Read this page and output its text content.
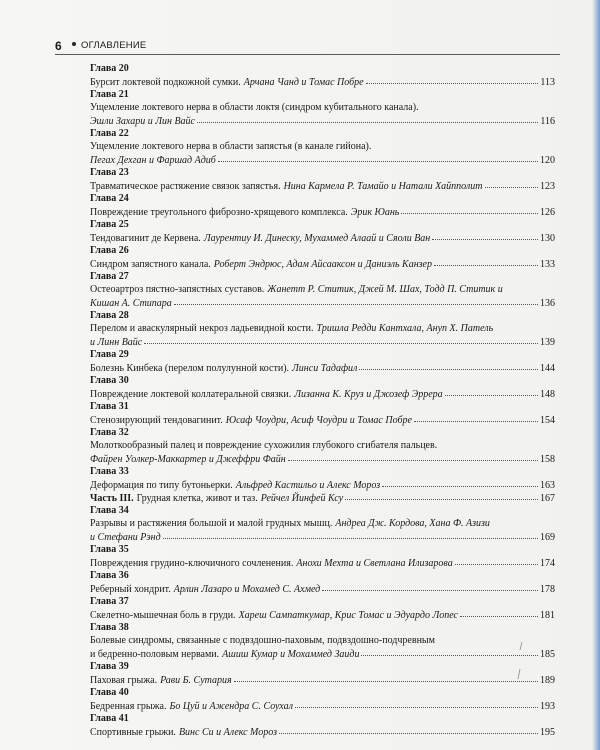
6 ОГЛАВЛЕНИЕ
Глава 20
Бурсит локтевой подкожной сумки. Арчана Чанд и Томас Побре	113
Глава 21
Ущемление локтевого нерва в области локтя (синдром кубитального канала).
Эшли Захари и Лин Вайс	116
Глава 22
Ущемление локтевого нерва в области запястья (в канале гийона).
Пегах Дехган и Фаршад Адиб	120
Глава 23
Травматическое растяжение связок запястья. Нина Кармела Р. Тамайо и Натали Хайпполит	123
Глава 24
Повреждение треугольного фиброзно-хрящевого комплекса. Эрик Юань	126
Глава 25
Тендовагинит де Кервена. Лаурентиу И. Динеску, Мухаммед Алаай и Сяоли Ван	130
Глава 26
Синдром запястного канала. Роберт Эндрюс, Адам Айсааксон и Даниэль Канзер	133
Глава 27
Остеоартроз пястно-запястных суставов. Жанетт Р. Ститик, Джей М. Шах, Тодд П. Ститик и
Кишан А. Стипара	136
Глава 28
Перелом и аваскулярный некроз ладьевидной кости. Тришла Редди Кантхала, Ануп Х. Патель
и Линн Вайс	139
Глава 29
Болезнь Кинбека (перелом полулунной кости). Линси Тадафил	144
Глава 30
Повреждение локтевой коллатеральной связки. Лизанна К. Круз и Джозеф Эррера	148
Глава 31
Стенозирующий тендовагинит. Юсаф Чоудри, Асиф Чоудри и Томас Побре	154
Глава 32
Молоткообразный палец и повреждение сухожилия глубокого сгибателя пальцев.
Файрен Уолкер-Маккартер и Джеффри Файн	158
Глава 33
Деформация по типу бутоньерки. Альфред Кастильо и Алекс Мороз	163
Часть III. Грудная клетка, живот и таз. Рейчел Йинфей Ксу	167
Глава 34
Разрывы и растяжения большой и малой грудных мышц. Андреа Дж. Кордова, Хана Ф. Азизи
и Стефани Рэнд	169
Глава 35
Повреждения грудино-ключичного сочленения. Анохи Мехта и Светлана Илизарова	174
Глава 36
Реберный хондрит. Арлин Лазаро и Мохамед С. Ахмед	178
Глава 37
Скелетно-мышечная боль в груди. Хареш Сампаткумар, Крис Томас и Эдуардо Лопес	181
Глава 38
Болевые синдромы, связанные с подвздошно-паховым, подвздошно-подчревным
и бедренно-половым нервами. Ашиш Кумар и Мохаммед Заиди	185
Глава 39
Паховая грыжа. Рави Б. Сутария	189
Глава 40
Бедренная грыжа. Бо Цуй и Ажендра С. Соухал	193
Глава 41
Спортивные грыжи. Винс Си и Алекс Мороз	195
